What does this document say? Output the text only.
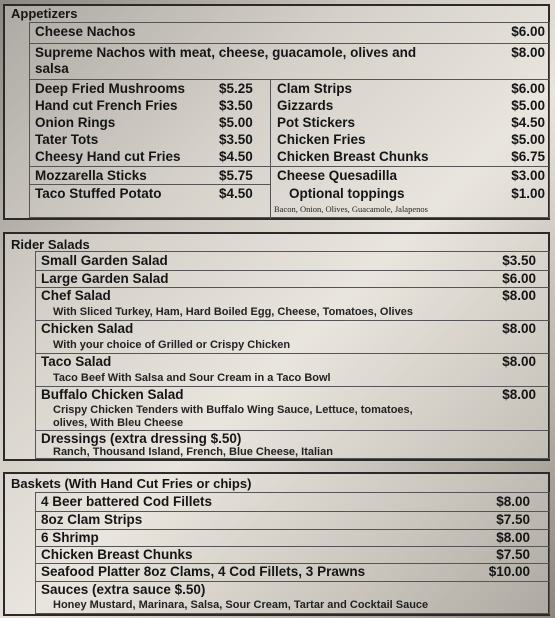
Appetizers
Cheese Nachos	$6.00
Supreme Nachos with meat, cheese, guacamole, olives and
salsa
$8.00
Deep Fried Mushrooms	$5.25
Hand cut French Fries	$3.50
Onion Rings	$5.00
Tater Tots	$3.50
Cheesy Hand cut Fries	$4.50
Mozzarella Sticks	$5.75
Taco Stuffed Potato	$4.50
Clam Strips	$6.00
Gizzards	$5.00
Pot Stickers	$4.50
Chicken Fries	$5.00
Chicken Breast Chunks	$6.75
Cheese Quesadilla	$3.00
Optional toppings	$1.00
Bacon, Onion, Olives, Guacamole, Jalapenos
Rider Salads
Small Garden Salad	$3.50
Large Garden Salad	$6.00
Chef Salad	$8.00
With Sliced Turkey, Ham, Hard Boiled Egg, Cheese, Tomatoes, Olives
Chicken Salad	$8.00
With your choice of Grilled or Crispy Chicken
Taco Salad	$8.00
Taco Beef With Salsa and Sour Cream in a Taco Bowl
Buffalo Chicken Salad	$8.00
Crispy Chicken Tenders with Buffalo Wing Sauce, Lettuce, tomatoes,
olives, With Bleu Cheese
Dressings (extra dressing $.50)
Ranch, Thousand Island, French, Blue Cheese, Italian
Baskets (With Hand Cut Fries or chips)
4 Beer battered Cod Fillets	$8.00
8oz Clam Strips	$7.50
6 Shrimp	$8.00
Chicken Breast Chunks	$7.50
Seafood Platter 8oz Clams, 4 Cod Fillets, 3 Prawns	$10.00
Sauces (extra sauce $.50)
Honey Mustard, Marinara, Salsa, Sour Cream, Tartar and Cocktail Sauce
